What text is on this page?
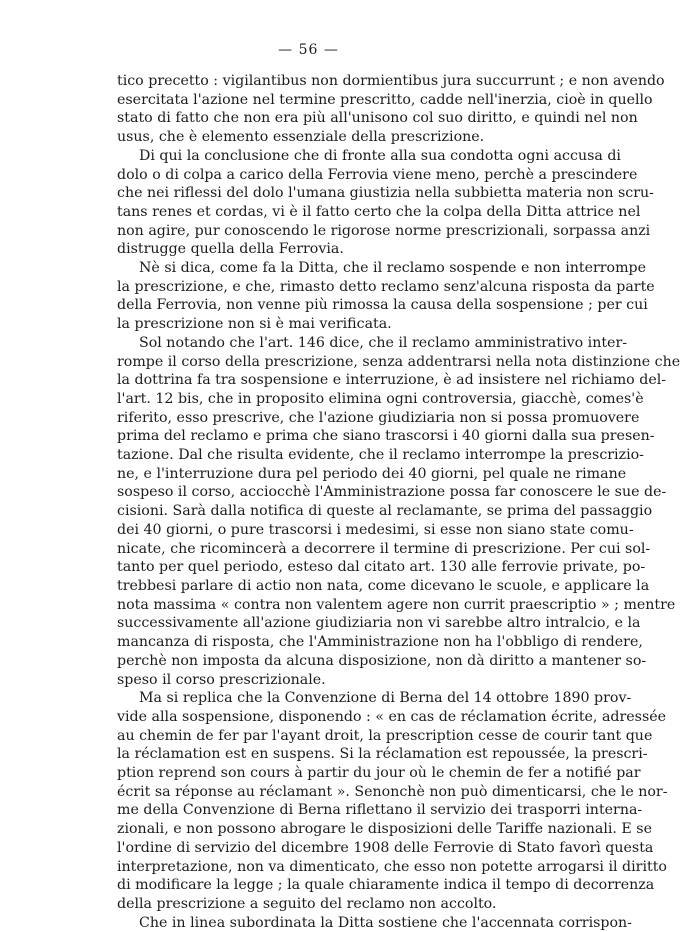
— 56 —
tico precetto : vigilantibus non dormientibus jura succurrunt ; e non avendo
esercitata l'azione nel termine prescritto, cadde nell'inerzia, cioè in quello
stato di fatto che non era più all'unisono col suo diritto, e quindi nel non
usus, che è elemento essenziale della prescrizione.
Di qui la conclusione che di fronte alla sua condotta ogni accusa di
dolo o di colpa a carico della Ferrovia viene meno, perchè a prescindere
che nei riflessi del dolo l'umana giustizia nella subbietta materia non scru-
tans renes et cordas, vi è il fatto certo che la colpa della Ditta attrice nel
non agire, pur conoscendo le rigorose norme prescrizionali, sorpassa anzi
distrugge quella della Ferrovia.
Nè si dica, come fa la Ditta, che il reclamo sospende e non interrompe
la prescrizione, e che, rimasto detto reclamo senz'alcuna risposta da parte
della Ferrovia, non venne più rimossa la causa della sospensione ; per cui
la prescrizione non si è mai verificata.
Sol notando che l'art. 146 dice, che il reclamo amministrativo inter-
rompe il corso della prescrizione, senza addentrarsi nella nota distinzione che
la dottrina fa tra sospensione e interruzione, è ad insistere nel richiamo del-
l'art. 12 bis, che in proposito elimina ogni controversia, giacchè, comes'è
riferito, esso prescrive, che l'azione giudiziaria non si possa promuovere
prima del reclamo e prima che siano trascorsi i 40 giorni dalla sua presen-
tazione. Dal che risulta evidente, che il reclamo interrompe la prescrizio-
ne, e l'interruzione dura pel periodo dei 40 giorni, pel quale ne rimane
sospeso il corso, acciocchè l'Amministrazione possa far conoscere le sue de-
cisioni. Sarà dalla notifica di queste al reclamante, se prima del passaggio
dei 40 giorni, o pure trascorsi i medesimi, si esse non siano state comu-
nicate, che ricomincerà a decorrere il termine di prescrizione. Per cui sol-
tanto per quel periodo, esteso dal citato art. 130 alle ferrovie private, po-
trebbesi parlare di actio non nata, come dicevano le scuole, e applicare la
nota massima « contra non valentem agere non currit praescriptio » ; mentre
successivamente all'azione giudiziaria non vi sarebbe altro intralcio, e la
mancanza di risposta, che l'Amministrazione non ha l'obbligo di rendere,
perchè non imposta da alcuna disposizione, non dà diritto a mantener so-
speso il corso prescrizionale.
Ma si replica che la Convenzione di Berna del 14 ottobre 1890 prov-
vide alla sospensione, disponendo : « en cas de réclamation écrite, adressée
au chemin de fer par l'ayant droit, la prescription cesse de courir tant que
la réclamation est en suspens. Si la réclamation est repoussée, la prescri-
ption reprend son cours à partir du jour où le chemin de fer a notifié par
écrit sa réponse au réclamant ». Senonchè non può dimenticarsi, che le nor-
me della Convenzione di Berna riflettano il servizio dei trasporri interna-
zionali, e non possono abrogare le disposizioni delle Tariffe nazionali. E se
l'ordine di servizio del dicembre 1908 delle Ferrovie di Stato favorì questa
interpretazione, non va dimenticato, che esso non potette arrogarsi il diritto
di modificare la legge ; la quale chiaramente indica il tempo di decorrenza
della prescrizione a seguito del reclamo non accolto.
Che in linea subordinata la Ditta sostiene che l'accennata corrispon-
